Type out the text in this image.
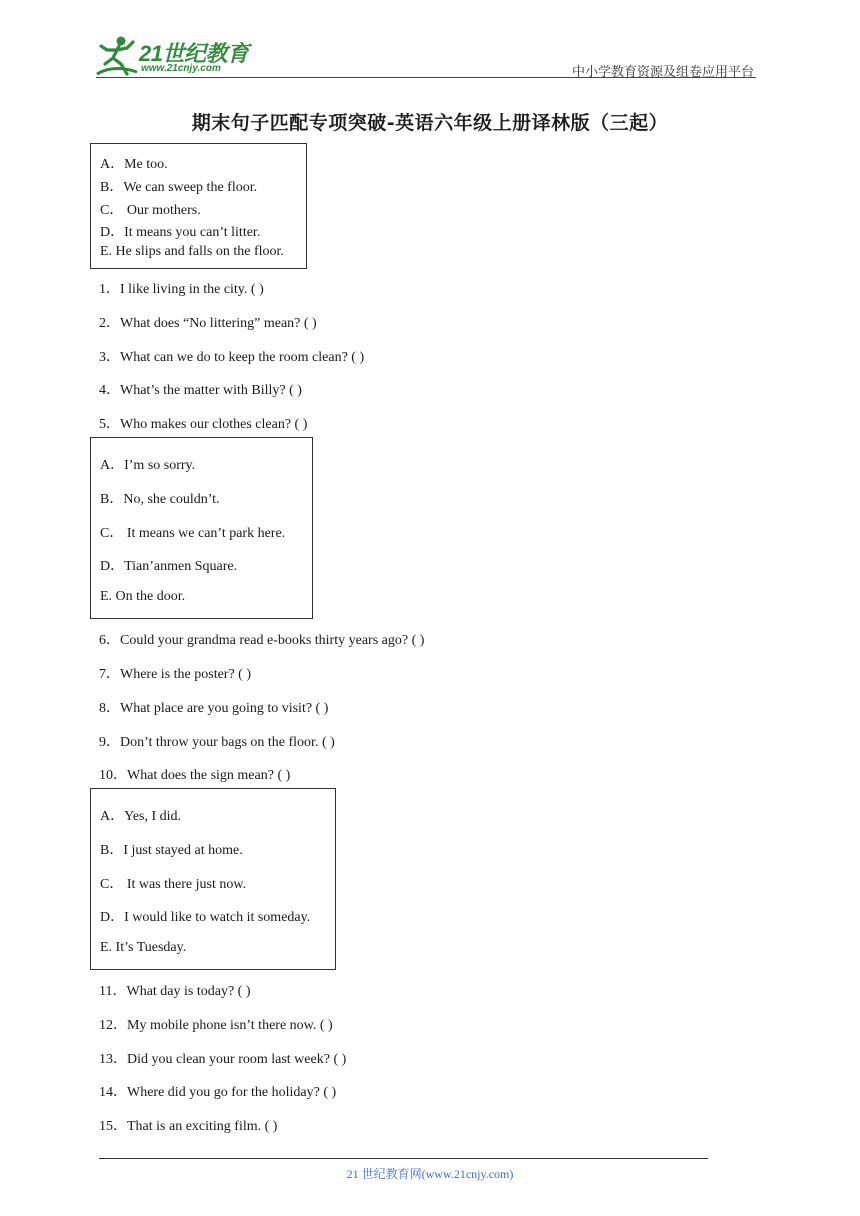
21世纪教育
www.21cnjy.com	中小学教育资源及组卷应用平台
期末句子匹配专项突破-英语六年级上册译林版（三起）
A．Me too.
B．We can sweep the floor.
C． Our mothers.
D．It means you can’t litter.
E. He slips and falls on the floor.
1．I like living in the city. ( )
2．What does “No littering” mean? ( )
3．What can we do to keep the room clean? ( )
4．What’s the matter with Billy? ( )
5．Who makes our clothes clean? ( )
A．I’m so sorry.
B．No, she couldn’t.
C． It means we can’t park here.
D．Tian’anmen Square.
E. On the door.
6．Could your grandma read e-books thirty years ago? ( )
7．Where is the poster? ( )
8．What place are you going to visit? ( )
9．Don’t throw your bags on the floor. ( )
10．What does the sign mean? ( )
A．Yes, I did.
B．I just stayed at home.
C． It was there just now.
D．I would like to watch it someday.
E. It’s Tuesday.
11．What day is today? ( )
12．My mobile phone isn’t there now. ( )
13．Did you clean your room last week? ( )
14．Where did you go for the holiday? ( )
15．That is an exciting film. ( )
21 世纪教育网(www.21cnjy.com)
